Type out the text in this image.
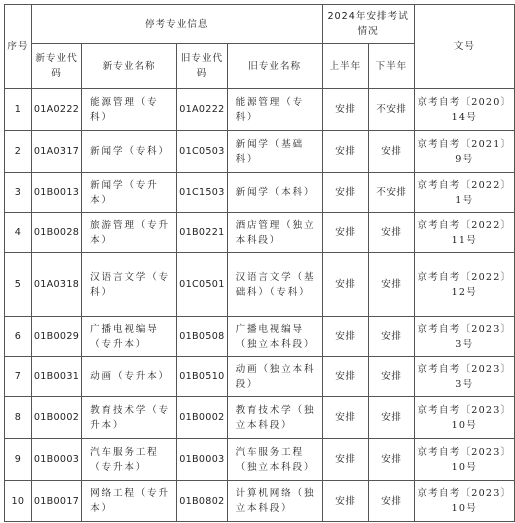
序号	停考专业信息				2024年安排考试情况		文号
	新专业代码	新专业名称	旧专业代码	旧专业名称	上半年	下半年	
1	01A0222	能源管理（专科）	01A0222	能源管理（专科）	安排	不安排	京考自考〔2020〕14号
2	01A0317	新闻学（专科）	01C0503	新闻学（基础科）	安排	安排	京考自考〔2021〕9号
3	01B0013	新闻学（专升本）	01C1503	新闻学（本科）	安排	不安排	京考自考〔2022〕1号
4	01B0028	旅游管理（专升本）	01B0221	酒店管理（独立本科段）	安排	安排	京考自考〔2022〕11号
5	01A0318	汉语言文学（专科）	01C0501	汉语言文学（基础科）（专科）	安排	安排	京考自考〔2022〕12号
6	01B0029	广播电视编导（专升本）	01B0508	广播电视编导（独立本科段）	安排	安排	京考自考〔2023〕3号
7	01B0031	动画（专升本）	01B0510	动画（独立本科段）	安排	安排	京考自考〔2023〕3号
8	01B0002	教育技术学（专升本）	01B0002	教育技术学（独立本科段）	安排	安排	京考自考〔2023〕10号
9	01B0003	汽车服务工程（专升本）	01B0003	汽车服务工程（独立本科段）	安排	安排	京考自考〔2023〕10号
10	01B0017	网络工程（专升本）	01B0802	计算机网络（独立本科段）	安排	安排	京考自考〔2023〕10号
